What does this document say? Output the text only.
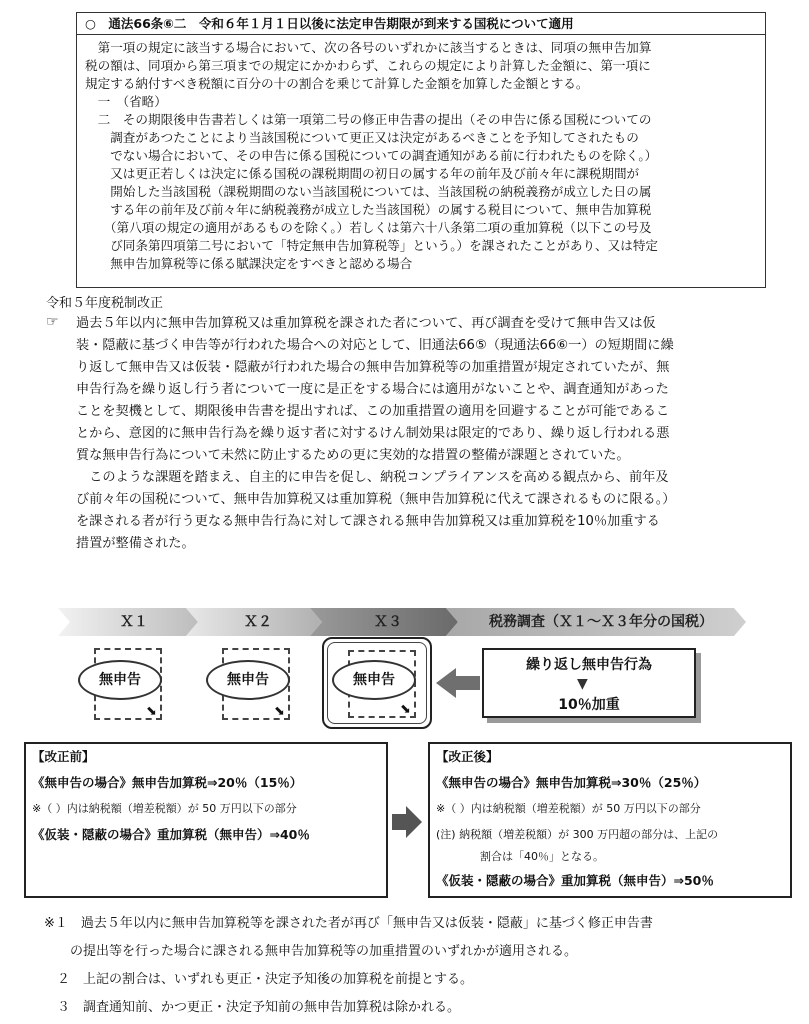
○　通法66条⑥二　令和６年１月１日以後に法定申告期限が到来する国税について適用
　第一項の規定に該当する場合において、次の各号のいずれかに該当するときは、同項の無申告加算
税の額は、同項から第三項までの規定にかかわらず、これらの規定により計算した金額に、第一項に
規定する納付すべき税額に百分の十の割合を乗じて計算した金額を加算した金額とする。
　一　（省略）
　二　その期限後申告書若しくは第一項第二号の修正申告書の提出（その申告に係る国税についての
　　調査があつたことにより当該国税について更正又は決定があるべきことを予知してされたもの
　　でない場合において、その申告に係る国税についての調査通知がある前に行われたものを除く。）
　　又は更正若しくは決定に係る国税の課税期間の初日の属する年の前年及び前々年に課税期間が
　　開始した当該国税（課税期間のない当該国税については、当該国税の納税義務が成立した日の属
　　する年の前年及び前々年に納税義務が成立した当該国税）の属する税目について、無申告加算税
　　（第八項の規定の適用があるものを除く。）若しくは第六十八条第二項の重加算税（以下この号及
　　び同条第四項第二号において「特定無申告加算税等」という。）を課されたことがあり、又は特定
　　無申告加算税等に係る賦課決定をすべきと認める場合
令和５年度税制改正
☞ 過去５年以内に無申告加算税又は重加算税を課された者について、再び調査を受けて無申告又は仮
装・隠蔽に基づく申告等が行われた場合への対応として、旧通法66⑤（現通法66⑥一）の短期間に繰
り返して無申告又は仮装・隠蔽が行われた場合の無申告加算税等の加重措置が規定されていたが、無
申告行為を繰り返し行う者について一度に是正をする場合には適用がないことや、調査通知があった
ことを契機として、期限後申告書を提出すれば、この加重措置の適用を回避することが可能であるこ
とから、意図的に無申告行為を繰り返す者に対するけん制効果は限定的であり、繰り返し行われる悪
質な無申告行為について未然に防止するための更に実効的な措置の整備が課題とされていた。
　このような課題を踏まえ、自主的に申告を促し、納税コンプライアンスを高める観点から、前年及
び前々年の国税について、無申告加算税又は重加算税（無申告加算税に代えて課されるものに限る。）
を課される者が行う更なる無申告行為に対して課される無申告加算税又は重加算税を10％加重する
措置が整備された。
Ｘ１	Ｘ２	Ｘ３	税務調査（Ｘ１～Ｘ３年分の国税）
無申告
⬊
無申告
⬊
無申告
⬊
繰り返し無申告行為
▼
10％加重
【改正前】
《無申告の場合》無申告加算税⇒20％（15％）
※（ ）内は納税額（増差税額）が 50 万円以下の部分
《仮装・隠蔽の場合》重加算税（無申告）⇒40％
【改正後】
《無申告の場合》無申告加算税⇒30％（25％）
※（ ）内は納税額（増差税額）が 50 万円以下の部分
(注) 納税額（増差税額）が 300 万円超の部分は、上記の
割合は「40％」となる。
《仮装・隠蔽の場合》重加算税（無申告）⇒50％
※１　過去５年以内に無申告加算税等を課された者が再び「無申告又は仮装・隠蔽」に基づく修正申告書
　　の提出等を行った場合に課される無申告加算税等の加重措置のいずれかが適用される。
　２　上記の割合は、いずれも更正・決定予知後の加算税を前提とする。
　３　調査通知前、かつ更正・決定予知前の無申告加算税は除かれる。
